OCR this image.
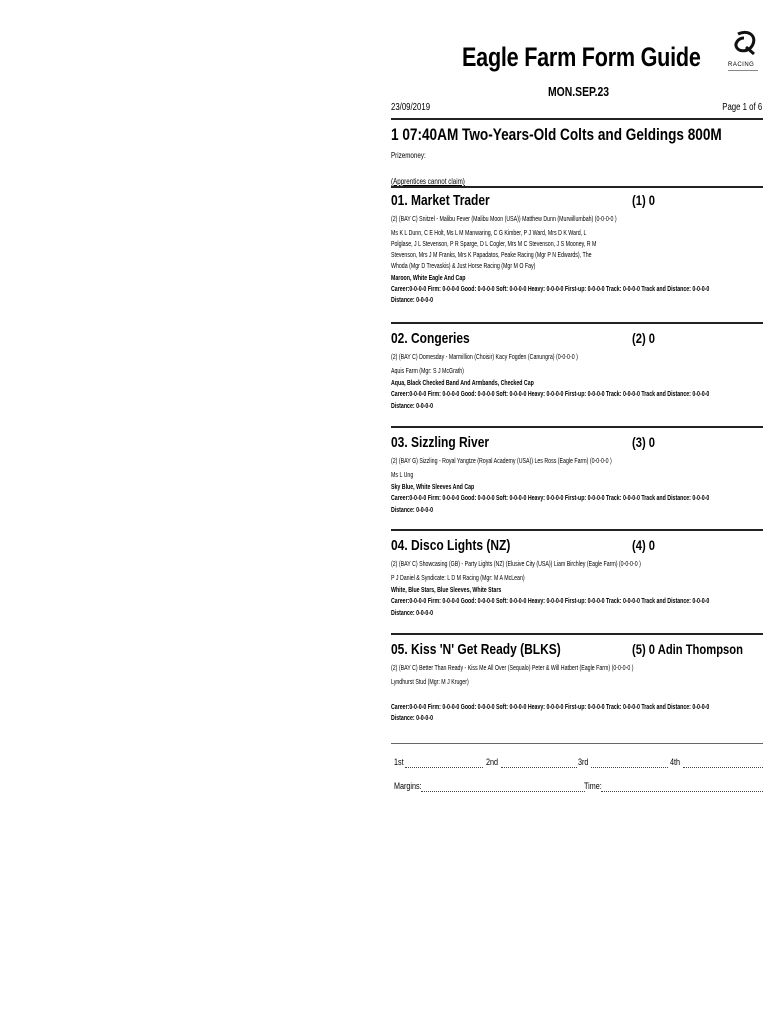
Eagle Farm Form Guide	RACING
MON.SEP.23
23/09/2019	Page 1 of 6
1 07:40AM Two-Years-Old Colts and Geldings 800M
Prizemoney:
(Apprentices cannot claim)
01. Market Trader	(1) 0
(2) (BAY C) Snitzel - Malibu Fever (Malibu Moon (USA)) Matthew Dunn (Murwillumbah) (0-0-0-0 )
Ms K L Dunn, C E Holt, Ms L M Manwaring, C G Kimber, P J Ward, Mrs D K Ward, L
Polglase, J L Stevenson, P R Sparge, D L Cogler, Mrs M C Stevenson, J S Mooney, R M
Stevenson, Mrs J M Franks, Mrs K Papadatos, Peake Racing (Mgr P N Edwards), The
Whoda (Mgr D Trevaskis) & Just Horse Racing (Mgr M O Fay)
Maroon, White Eagle And Cap
Career:0-0-0-0 Firm: 0-0-0-0 Good: 0-0-0-0 Soft: 0-0-0-0 Heavy: 0-0-0-0 First-up: 0-0-0-0 Track: 0-0-0-0 Track and Distance: 0-0-0-0
Distance: 0-0-0-0
02. Congeries	(2) 0
(2) (BAY C) Domesday - Marmillion (Choisir) Kacy Fogden (Canungra) (0-0-0-0 )
Aquis Farm (Mgr: S J McGrath)
Aqua, Black Checked Band And Armbands, Checked Cap
Career:0-0-0-0 Firm: 0-0-0-0 Good: 0-0-0-0 Soft: 0-0-0-0 Heavy: 0-0-0-0 First-up: 0-0-0-0 Track: 0-0-0-0 Track and Distance: 0-0-0-0
Distance: 0-0-0-0
03. Sizzling River	(3) 0
(2) (BAY G) Sizzling - Royal Yangtze (Royal Academy (USA)) Les Ross (Eagle Farm) (0-0-0-0 )
Ms L Ung
Sky Blue, White Sleeves And Cap
Career:0-0-0-0 Firm: 0-0-0-0 Good: 0-0-0-0 Soft: 0-0-0-0 Heavy: 0-0-0-0 First-up: 0-0-0-0 Track: 0-0-0-0 Track and Distance: 0-0-0-0
Distance: 0-0-0-0
04. Disco Lights (NZ)	(4) 0
(2) (BAY C) Showcasing (GB) - Party Lights (NZ) (Elusive City (USA)) Liam Birchley (Eagle Farm) (0-0-0-0 )
P J Daniel & Syndicate: L D M Racing (Mgr: M A McLean)
White, Blue Stars, Blue Sleeves, White Stars
Career:0-0-0-0 Firm: 0-0-0-0 Good: 0-0-0-0 Soft: 0-0-0-0 Heavy: 0-0-0-0 First-up: 0-0-0-0 Track: 0-0-0-0 Track and Distance: 0-0-0-0
Distance: 0-0-0-0
05. Kiss 'N' Get Ready (BLKS)	(5) 0 Adin Thompson
(2) (BAY C) Better Than Ready - Kiss Me All Over (Sequalo) Peter & Will Hatbert (Eagle Farm) (0-0-0-0 )
Lyndhurst Stud (Mgr: M J Kruger)
Career:0-0-0-0 Firm: 0-0-0-0 Good: 0-0-0-0 Soft: 0-0-0-0 Heavy: 0-0-0-0 First-up: 0-0-0-0 Track: 0-0-0-0 Track and Distance: 0-0-0-0
Distance: 0-0-0-0
1st	2nd	3rd	4th
Margins:	Time:
